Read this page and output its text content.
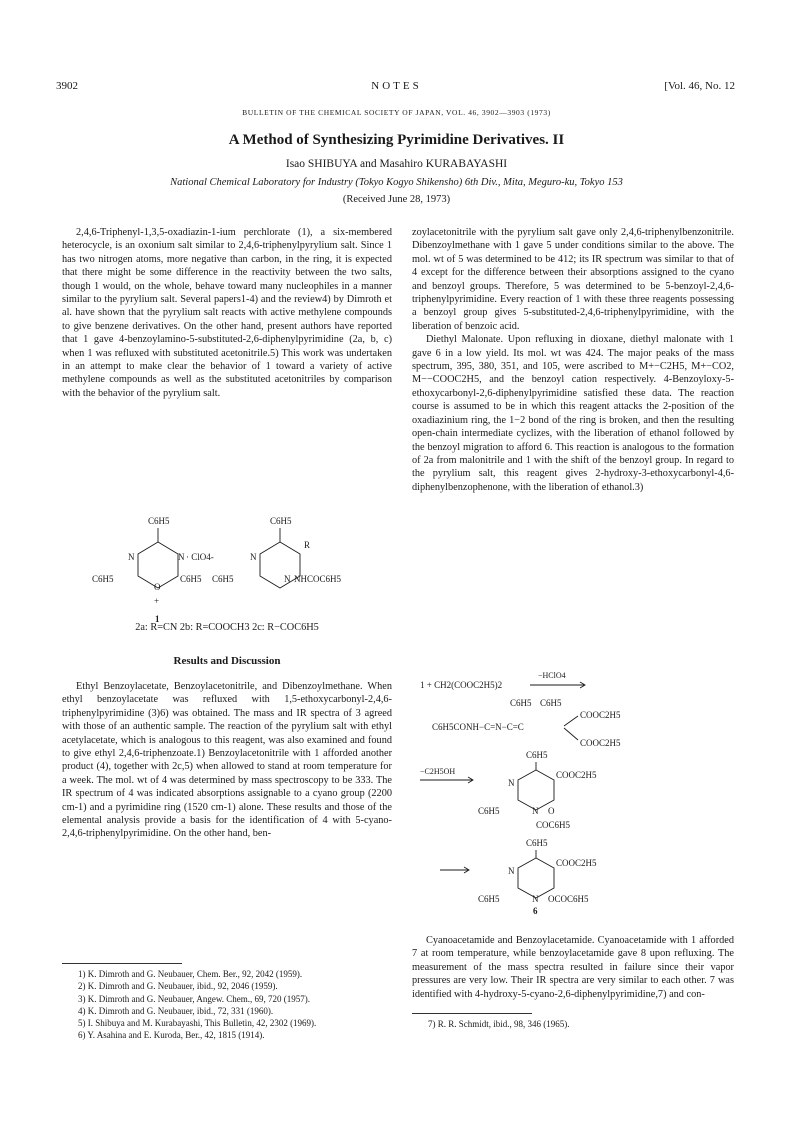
3902	NOTES	[Vol. 46, No. 12
BULLETIN OF THE CHEMICAL SOCIETY OF JAPAN, VOL. 46, 3902—3903 (1973)
A Method of Synthesizing Pyrimidine Derivatives. II
Isao SHIBUYA and Masahiro KURABAYASHI
National Chemical Laboratory for Industry (Tokyo Kogyo Shikensho) 6th Div., Mita, Meguro-ku, Tokyo 153
(Received June 28, 1973)

2,4,6-Triphenyl-1,3,5-oxadiazin-1-ium perchlorate (1), a six-membered heterocycle, is an oxonium salt similar to 2,4,6-triphenylpyrylium salt. Since 1 has two nitrogen atoms, more negative than carbon, in the ring, it is expected that there might be some difference in the reactivity between the two salts, though 1 would, on the whole, behave toward many nucleophiles in a manner similar to the pyrylium salt. Several papers1-4) and the review4) by Dimroth et al. have shown that the pyrylium salt reacts with active methylene compounds to give benzene derivatives. On the other hand, present authors have reported that 1 gave 4-benzoylamino-5-substituted-2,6-diphenylpyrimidine (2a, b, c) when 1 was refluxed with substituted acetonitrile.5) This work was undertaken in an attempt to make clear the behavior of 1 toward a variety of active methylene compounds as well as the substituted acetonitriles by comparison with the behavior of the pyrylium salt.

C6H5
N	N · ClO4-
O
+
C6H5	C6H5
1
C6H5
R
N
N
C6H5	NHCOC6H5
2a: R=CN 2b: R=COOCH3 2c: R−COC6H5
Results and Discussion

Ethyl Benzoylacetate, Benzoylacetonitrile, and Dibenzoylmethane. When ethyl benzoylacetate was refluxed with 1,5-ethoxycarbonyl-2,4,6-triphenylpyrimidine (3)6) was obtained. The mass and IR spectra of 3 agreed with those of an authentic sample. The reaction of the pyrylium salt with ethyl acetylacetate, which is analogous to this reagent, was also examined and found to give ethyl 2,4,6-triphenzoate.1) Benzoylacetonitrile with 1 afforded another product (4), together with 2c,5) when allowed to stand at room temperature for a week. The mol. wt of 4 was determined by mass spectroscopy to be 333. The IR spectrum of 4 was indicated absorptions assignable to a cyano group (2200 cm-1) and a pyrimidine ring (1520 cm-1) alone. These results and those of the elemental analysis provide a basis for the identification of 4 with 5-cyano-2,4,6-triphenylpyrimidine. On the other hand, ben-

1) K. Dimroth and G. Neubauer, Chem. Ber., 92, 2042 (1959).
2) K. Dimroth and G. Neubauer, ibid., 92, 2046 (1959).
3) K. Dimroth and G. Neubauer, Angew. Chem., 69, 720 (1957).
4) K. Dimroth and G. Neubauer, ibid., 72, 331 (1960).
5) I. Shibuya and M. Kurabayashi, This Bulletin, 42, 2302 (1969).
6) Y. Asahina and E. Kuroda, Ber., 42, 1815 (1914).

zoylacetonitrile with the pyrylium salt gave only 2,4,6-triphenylbenzonitrile. Dibenzoylmethane with 1 gave 5 under conditions similar to the above. The mol. wt of 5 was determined to be 412; its IR spectrum was similar to that of 4 except for the difference between their absorptions assigned to the cyano and benzoyl groups. Therefore, 5 was determined to be 5-benzoyl-2,4,6-triphenylpyrimidine. Every reaction of 1 with these three reagents possessing a benzoyl group gives 5-substituted-2,4,6-triphenylpyrimidine, with the liberation of benzoic acid.

Diethyl Malonate. Upon refluxing in dioxane, diethyl malonate with 1 gave 6 in a low yield. Its mol. wt was 424. The major peaks of the mass spectrum, 395, 380, 351, and 105, were ascribed to M+−C2H5, M+−CO2, M−−COOC2H5, and the benzoyl cation respectively. 4-Benzoyloxy-5-ethoxycarbonyl-2,6-diphenylpyrimidine satisfied these data. The reaction course is assumed to be in which this reagent attacks the 2-position of the oxadiazinium ring, the 1−2 bond of the ring is broken, and then the resulting open-chain intermediate cyclizes, with the liberation of ethanol followed by the benzoyl migration to afford 6. This reaction is analogous to the formation of 2a from malonitrile and 1 with the shift of the benzoyl group. In regard to the pyrylium salt, this reagent gives 2-hydroxy-3-ethoxycarbonyl-4,6-diphenylbenzophenone, with the liberation of ethanol.3)

1 + CH2(COOC2H5)2
−HClO4
C6H5 C6H5
C6H5CONH−C=N−C=C
COOC2H5
COOC2H5
−C2H5OH
C6H5
COOC2H5
N
N O
C6H5
COC6H5
C6H5
COOC2H5
N
N OCOC6H5
C6H5
6

Cyanoacetamide and Benzoylacetamide. Cyanoacetamide with 1 afforded 7 at room temperature, while benzoylacetamide gave 8 upon refluxing. The measurement of the mass spectra resulted in failure since their vapor pressures are very low. Their IR spectra are very similar to each other. 7 was identified with 4-hydroxy-5-cyano-2,6-diphenylpyrimidine,7) and con-

7) R. R. Schmidt, ibid., 98, 346 (1965).
